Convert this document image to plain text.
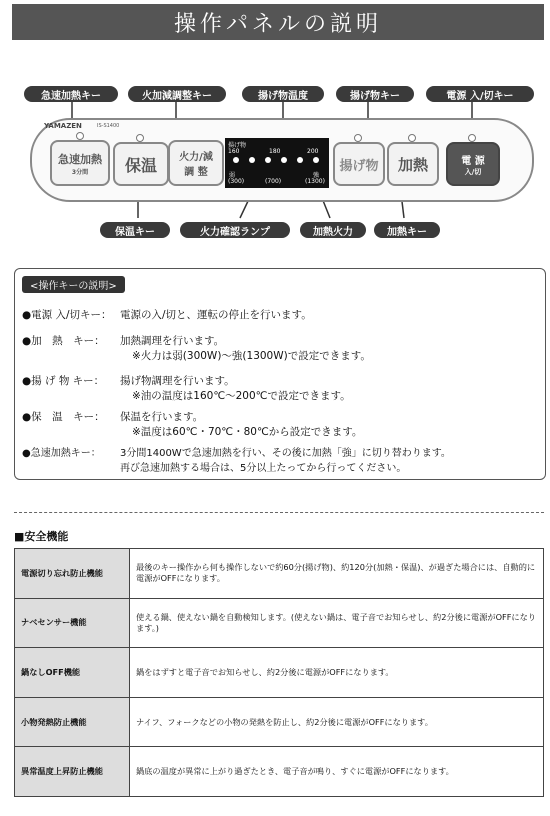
操作パネルの説明
急速加熱キー	火加減調整キー	揚げ物温度	揚げ物キー	電源 入/切キー
YAMAZEN	IS-S1400
急速加熱
3分間 保温 火力/減
調 整
揚げ物
160	180	200
弱	強
(300)	(700)	(1300)
揚げ物 加熱	電 源
入/切
保温キー	火力確認ランプ	加熱火力	加熱キー
<操作キーの説明>
●電源 入/切キー： 電源の入/切と、運転の停止を行います。
●加　熱　キー： 加熱調理を行います。
※火力は弱(300W)～強(1300W)で設定できます。
●揚 げ 物 キー： 揚げ物調理を行います。
※油の温度は160℃～200℃で設定できます。
●保　温　キー： 保温を行います。
※温度は60℃・70℃・80℃から設定できます。
●急速加熱キー： 3分間1400Wで急速加熱を行い、その後に加熱「強」に切り替わります。
再び急速加熱する場合は、5分以上たってから行ってください。
■安全機能
電源切り忘れ防止機能	最後のキー操作から何も操作しないで約60分(揚げ物)、約120分(加熱・保温)、が過ぎた場合には、自動的に電源がOFFになります。
ナベセンサー機能	使える鍋、使えない鍋を自動検知します。(使えない鍋は、電子音でお知らせし、約2分後に電源がOFFになります。)
鍋なしOFF機能	鍋をはずすと電子音でお知らせし、約2分後に電源がOFFになります。
小物発熱防止機能	ナイフ、フォークなどの小物の発熱を防止し、約2分後に電源がOFFになります。
異常温度上昇防止機能	鍋底の温度が異常に上がり過ぎたとき、電子音が鳴り、すぐに電源がOFFになります。
